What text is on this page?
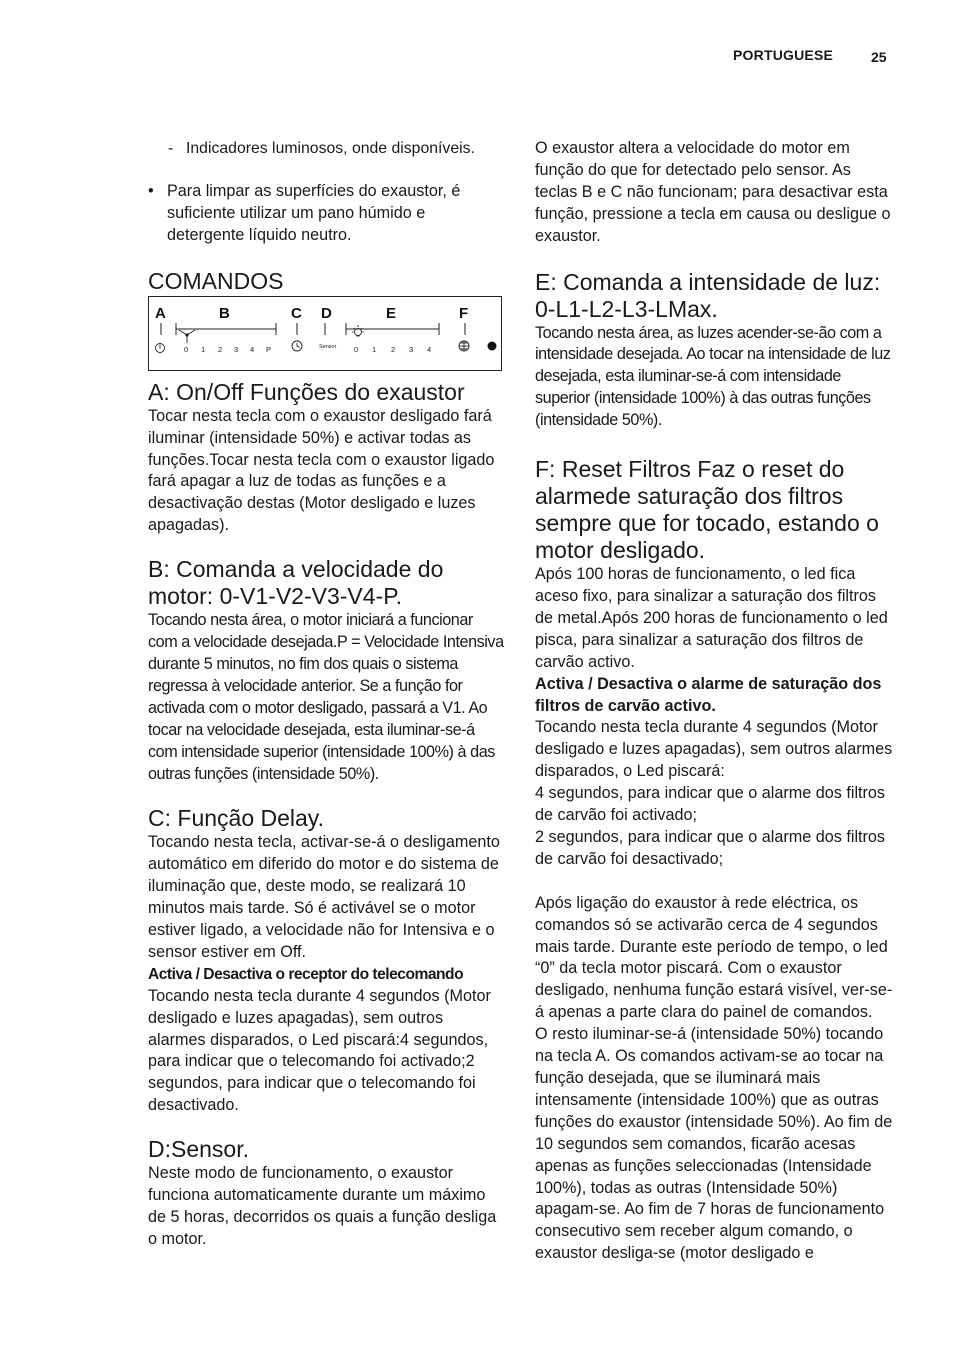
PORTUGUESE	25
- Indicadores luminosos, onde disponíveis.

• Para limpar as superfícies do exaustor, é suficiente utilizar um pano húmido e detergente líquido neutro.

COMANDOS
A	B	C D	E	F
0 1 2 3 4 P	0 1 2 3 4
Sensor
A: On/Off Funções do exaustor

Tocar nesta tecla com o exaustor desligado fará iluminar (intensidade 50%) e activar todas as funções.Tocar nesta tecla com o exaustor ligado fará apagar a luz de todas as funções e a desactivação destas (Motor desligado e luzes apagadas).

B: Comanda a velocidade do motor: 0-V1-V2-V3-V4-P.

Tocando nesta área, o motor iniciará a funcionar com a velocidade desejada.P = Velocidade Intensiva durante 5 minutos, no fim dos quais o sistema regressa à velocidade anterior. Se a função for activada com o motor desligado, passará a V1. Ao tocar na velocidade desejada, esta iluminar-se-á com intensidade superior (intensidade 100%) à das outras funções (intensidade 50%).

C: Função Delay.

Tocando nesta tecla, activar-se-á o desligamento automático em diferido do motor e do sistema de iluminação que, deste modo, se realizará 10 minutos mais tarde. Só é activável se o motor estiver ligado, a velocidade não for Intensiva e o sensor estiver em Off.

Activa / Desactiva o receptor do telecomando

Tocando nesta tecla durante 4 segundos (Motor desligado e luzes apagadas), sem outros alarmes disparados, o Led piscará:4 segundos, para indicar que o telecomando foi activado;2 segundos, para indicar que o telecomando foi desactivado.

D:Sensor.

Neste modo de funcionamento, o exaustor funciona automaticamente durante um máximo de 5 horas, decorridos os quais a função desliga o motor.

O exaustor altera a velocidade do motor em função do que for detectado pelo sensor. As teclas B e C não funcionam; para desactivar esta função, pressione a tecla em causa ou desligue o exaustor.

E: Comanda a intensidade de luz: 0-L1-L2-L3-LMax.

Tocando nesta área, as luzes acender-se-ão com a intensidade desejada. Ao tocar na intensidade de luz desejada, esta iluminar-se-á com intensidade superior (intensidade 100%) à das outras funções (intensidade 50%).

F: Reset Filtros Faz o reset do alarmede saturação dos filtros sempre que for tocado, estando o motor desligado.

Após 100 horas de funcionamento, o led fica aceso fixo, para sinalizar a saturação dos filtros de metal.Após 200 horas de funcionamento o led pisca, para sinalizar a saturação dos filtros de carvão activo.

Activa / Desactiva o alarme de saturação dos filtros de carvão activo.

Tocando nesta tecla durante 4 segundos (Motor desligado e luzes apagadas), sem outros alarmes disparados, o Led piscará:

4 segundos, para indicar que o alarme dos filtros de carvão foi activado;

2 segundos, para indicar que o alarme dos filtros de carvão foi desactivado;

Após ligação do exaustor à rede eléctrica, os comandos só se activarão cerca de 4 segundos mais tarde. Durante este período de tempo, o led “0” da tecla motor piscará. Com o exaustor desligado, nenhuma função estará visível, ver-se-á apenas a parte clara do painel de comandos.

O resto iluminar-se-á (intensidade 50%) tocando na tecla A. Os comandos activam-se ao tocar na função desejada, que se iluminará mais intensamente (intensidade 100%) que as outras funções do exaustor (intensidade 50%). Ao fim de 10 segundos sem comandos, ficarão acesas apenas as funções seleccionadas (Intensidade 100%), todas as outras (Intensidade 50%) apagam-se. Ao fim de 7 horas de funcionamento consecutivo sem receber algum comando, o exaustor desliga-se (motor desligado e
